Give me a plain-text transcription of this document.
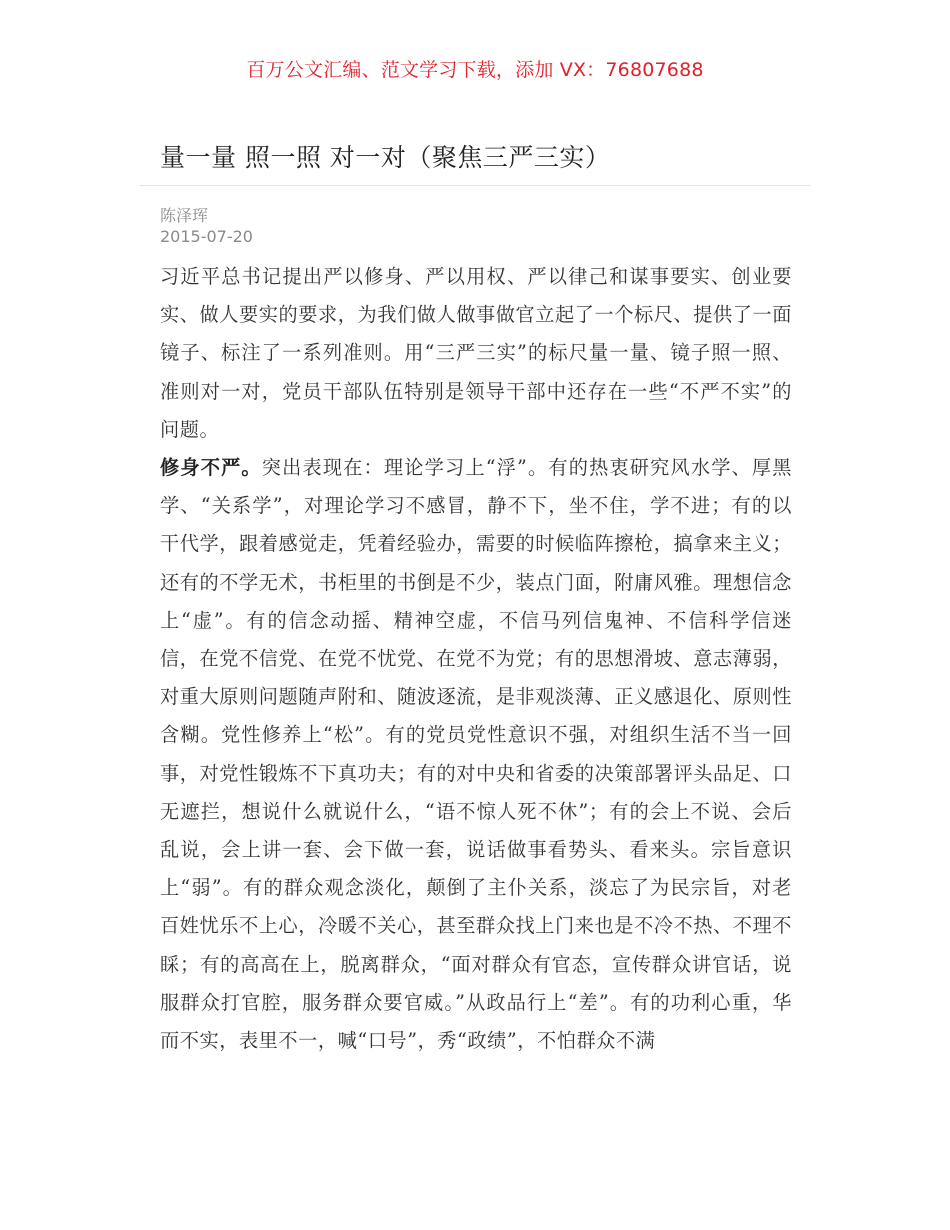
百万公文汇编、范文学习下载，添加 VX：76807688
量一量 照一照 对一对（聚焦三严三实）
陈泽珲
2015-07-20

习近平总书记提出严以修身、严以用权、严以律己和谋事要实、创业要实、做人要实的要求，为我们做人做事做官立起了一个标尺、提供了一面镜子、标注了一系列准则。用“三严三实”的标尺量一量、镜子照一照、准则对一对，党员干部队伍特别是领导干部中还存在一些“不严不实”的问题。

修身不严。突出表现在：理论学习上“浮”。有的热衷研究风水学、厚黑学、“关系学”，对理论学习不感冒，静不下，坐不住，学不进；有的以干代学，跟着感觉走，凭着经验办，需要的时候临阵擦枪，搞拿来主义；还有的不学无术，书柜里的书倒是不少，装点门面，附庸风雅。理想信念上“虚”。有的信念动摇、精神空虚，不信马列信鬼神、不信科学信迷信，在党不信党、在党不忧党、在党不为党；有的思想滑坡、意志薄弱，对重大原则问题随声附和、随波逐流，是非观淡薄、正义感退化、原则性含糊。党性修养上“松”。有的党员党性意识不强，对组织生活不当一回事，对党性锻炼不下真功夫；有的对中央和省委的决策部署评头品足、口无遮拦，想说什么就说什么，“语不惊人死不休”；有的会上不说、会后乱说，会上讲一套、会下做一套，说话做事看势头、看来头。宗旨意识上“弱”。有的群众观念淡化，颠倒了主仆关系，淡忘了为民宗旨，对老百姓忧乐不上心，冷暖不关心，甚至群众找上门来也是不冷不热、不理不睬；有的高高在上，脱离群众，“面对群众有官态，宣传群众讲官话，说服群众打官腔，服务群众要官威。”从政品行上“差”。有的功利心重，华而不实，表里不一，喊“口号”，秀“政绩”，不怕群众不满
